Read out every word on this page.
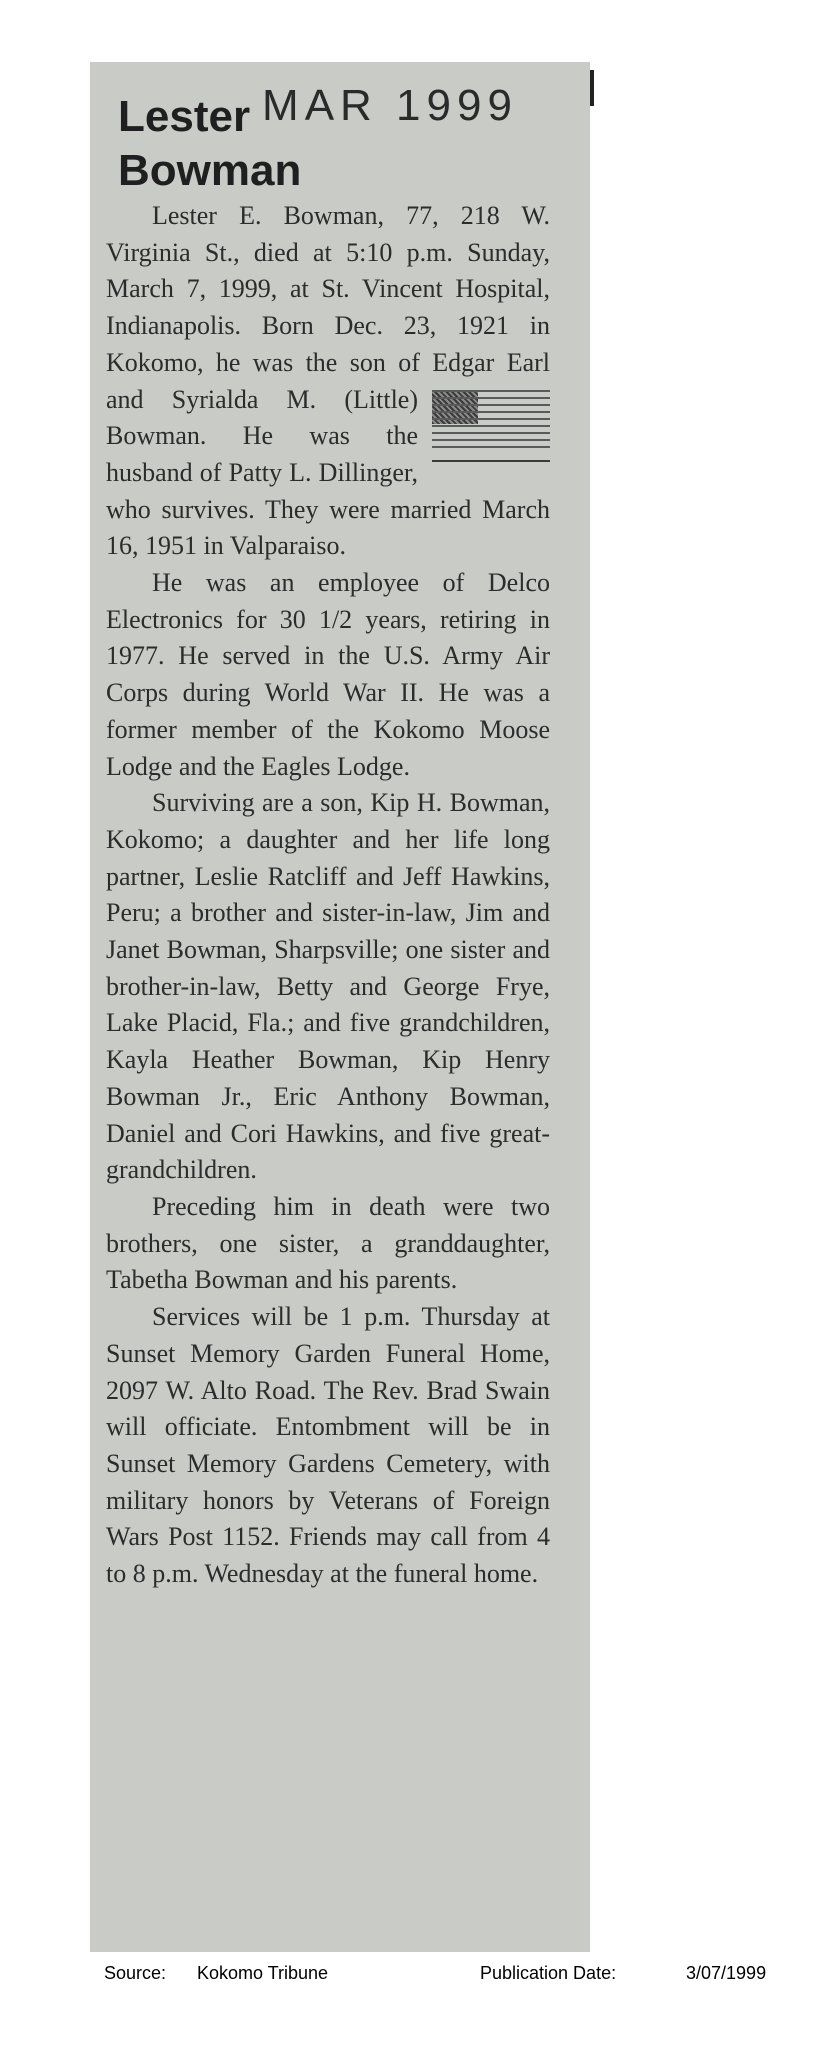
MAR 1999
Lester
Bowman

Lester E. Bowman, 77, 218 W. Virginia St., died at 5:10 p.m. Sunday, March 7, 1999, at St. Vincent Hospital, Indianapolis. Born Dec. 23, 1921 in Kokomo, he was the son of Edgar Earl and
Syrialda M. (Little) Bowman. He was the husband of Patty L. Dillinger, who survives. They were married March 16, 1951 in Valparaiso.

He was an employee of Delco Electronics for 30 1/2 years, retiring in 1977. He served in the U.S. Army Air Corps during World War II. He was a former member of the Kokomo Moose Lodge and the Eagles Lodge.

Surviving are a son, Kip H. Bowman, Kokomo; a daughter and her life long partner, Leslie Ratcliff and Jeff Hawkins, Peru; a brother and sister-in-law, Jim and Janet Bowman, Sharpsville; one sister and brother-in-law, Betty and George Frye, Lake Placid, Fla.; and five grandchildren, Kayla Heather Bowman, Kip Henry Bowman Jr., Eric Anthony Bowman, Daniel and Cori Hawkins, and five great-grandchildren.

Preceding him in death were two brothers, one sister, a granddaughter, Tabetha Bowman and his parents.

Services will be 1 p.m. Thursday at Sunset Memory Garden Funeral Home, 2097 W. Alto Road. The Rev. Brad Swain will officiate. Entombment will be in Sunset Memory Gardens Cemetery, with military honors by Veterans of Foreign Wars Post 1152. Friends may call from 4 to 8 p.m. Wednesday at the funeral home.

Source: Kokomo Tribune	Publication Date:	3/07/1999
